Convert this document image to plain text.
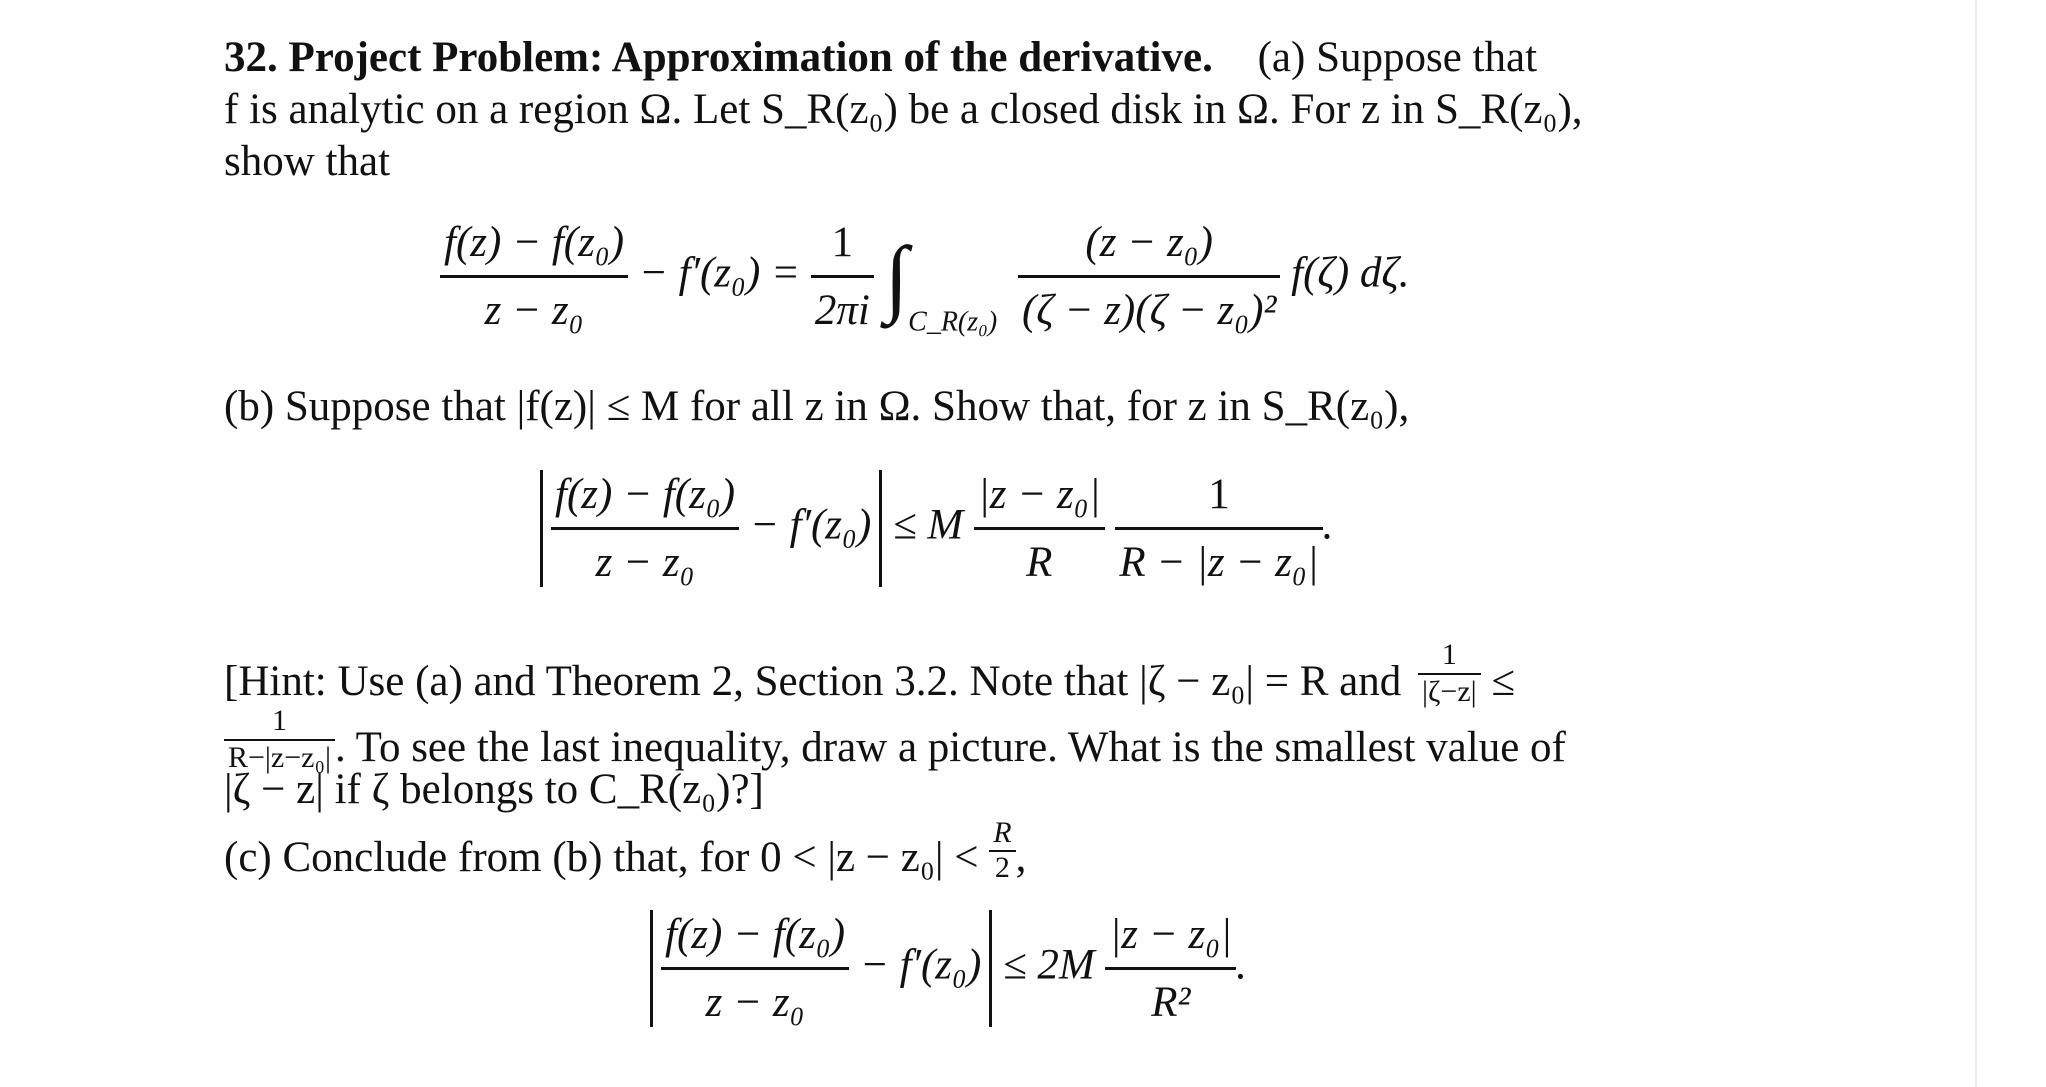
32. Project Problem: Approximation of the derivative. (a) Suppose that
f is analytic on a region Ω. Let S_R(z₀) be a closed disk in Ω. For z in S_R(z₀),
show that
$\frac{\text{f(z) − f(z₀)}}{\text{z − z₀}} - f'(z_0) = \frac{1}{2\pi i} \int_{C\_R(z_0)} \frac{\text{(z − z₀)}}{\text{(ζ − z)(ζ − z₀)²}} f(\zeta)$ dζ.
(b) Suppose that |f(z)| ≤ M for all z in Ω. Show that, for z in S_R(z₀),
$\frac{\text{f(z) − f(z₀)}}{\text{z − z₀}} - f'(z_0) \le M \frac{\text{|z − z₀|}}{R}$
$\frac{1}{\text{R − |z − z₀|}}$ .
[Hint: Use (a) and Theorem 2, Section 3.2. Note that |ζ − z₀| = R and $\frac{1}{|\zeta-z|}$ ≤
$\frac{1}{\text{R−|z−z₀|}}$ . To see the last inequality, draw a picture. What is the smallest value of
|ζ − z| if ζ belongs to C_R(z₀)?]
(c) Conclude from (b) that, for $0 < |z - z_0| < \frac{R}{2}$ ,
$\frac{\text{f(z) − f(z₀)}}{\text{z − z₀}} - f'(z_0) \le 2M \frac{\text{|z − z₀|}}{\text{R²}}$ .
